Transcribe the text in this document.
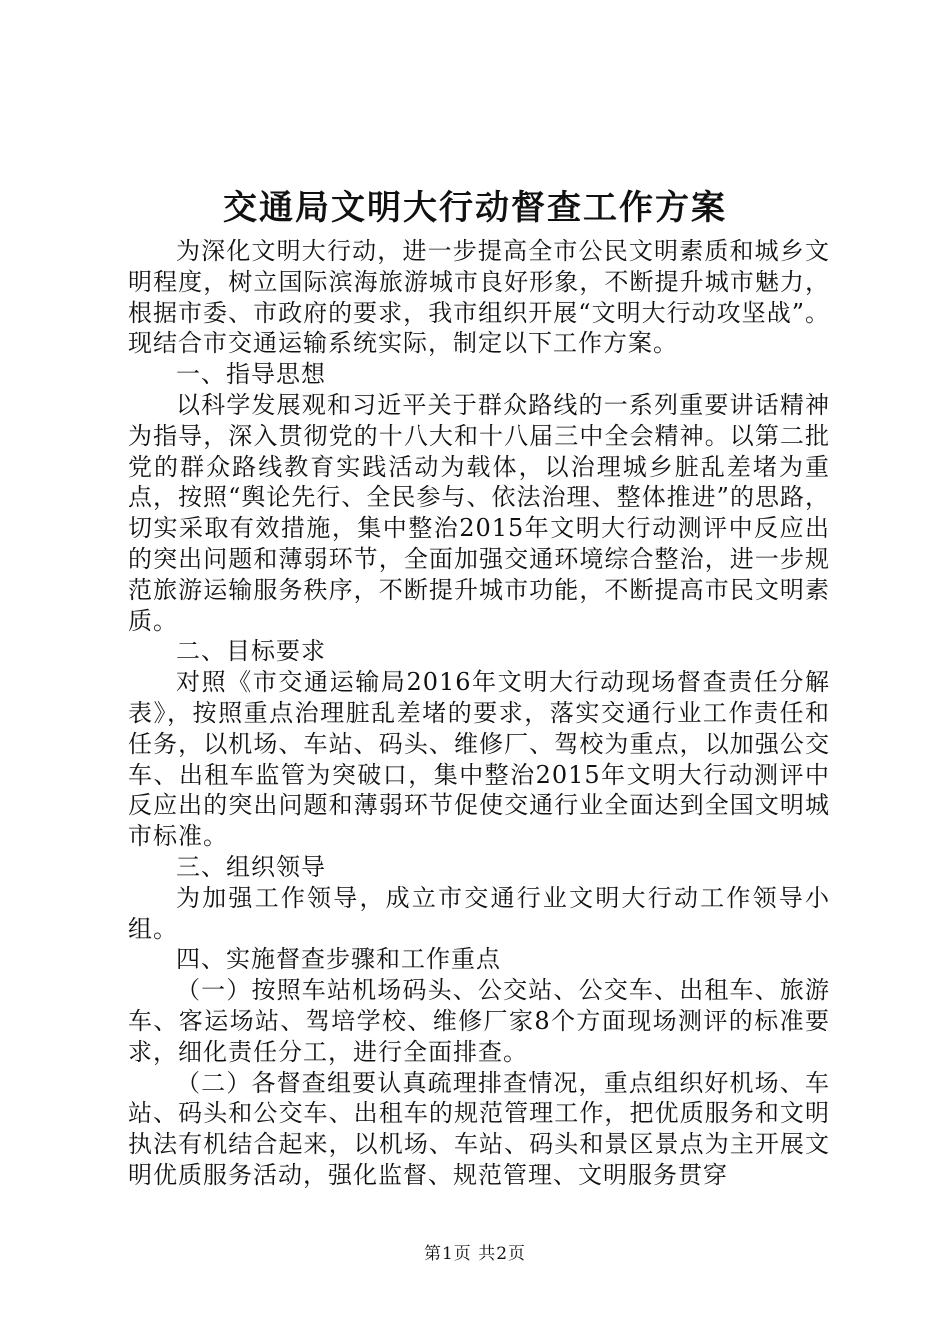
交通局文明大行动督查工作方案

为深化文明大行动，进一步提高全市公民文明素质和城乡文明程度，树立国际滨海旅游城市良好形象，不断提升城市魅力，根据市委、市政府的要求，我市组织开展“文明大行动攻坚战”。现结合市交通运输系统实际，制定以下工作方案。

一、指导思想

以科学发展观和习近平关于群众路线的一系列重要讲话精神为指导，深入贯彻党的十八大和十八届三中全会精神。以第二批党的群众路线教育实践活动为载体，以治理城乡脏乱差堵为重点，按照“舆论先行、全民参与、依法治理、整体推进”的思路，切实采取有效措施，集中整治2015年文明大行动测评中反应出的突出问题和薄弱环节，全面加强交通环境综合整治，进一步规范旅游运输服务秩序，不断提升城市功能，不断提高市民文明素质。

二、目标要求

对照《市交通运输局2016年文明大行动现场督查责任分解表》，按照重点治理脏乱差堵的要求，落实交通行业工作责任和任务，以机场、车站、码头、维修厂、驾校为重点，以加强公交车、出租车监管为突破口，集中整治2015年文明大行动测评中反应出的突出问题和薄弱环节促使交通行业全面达到全国文明城市标准。

三、组织领导

为加强工作领导，成立市交通行业文明大行动工作领导小组。

四、实施督查步骤和工作重点

（一）按照车站机场码头、公交站、公交车、出租车、旅游车、客运场站、驾培学校、维修厂家8个方面现场测评的标准要求，细化责任分工，进行全面排查。

（二）各督查组要认真疏理排查情况，重点组织好机场、车站、码头和公交车、出租车的规范管理工作，把优质服务和文明执法有机结合起来，以机场、车站、码头和景区景点为主开展文明优质服务活动，强化监督、规范管理、文明服务贯穿

第1页 共2页
